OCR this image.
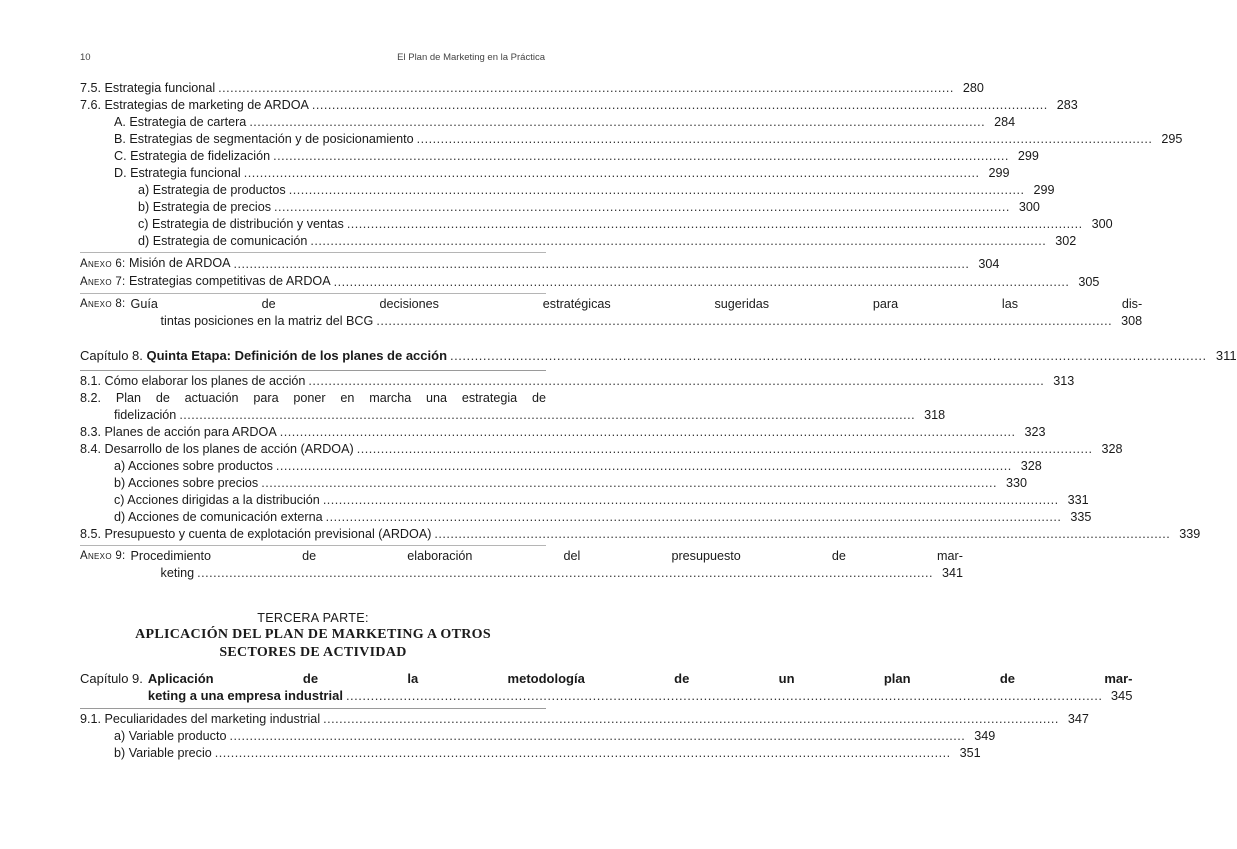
10	El Plan de Marketing en la Práctica
7.5. Estrategia funcional .....	280
7.6. Estrategias de marketing de ARDOA .....	283
A. Estrategia de cartera .....	284
B. Estrategias de segmentación y de posicionamiento .....	295
C. Estrategia de fidelización .....	299
D. Estrategia funcional .....	299
a) Estrategia de productos .....	299
b) Estrategia de precios .....	300
c) Estrategia de distribución y ventas .....	300
d) Estrategia de comunicación .....	302
Anexo 6: Misión de ARDOA .....	304
Anexo 7: Estrategias competitivas de ARDOA .....	305
Anexo 8: Guía de decisiones estratégicas sugeridas para las dis-
tintas posiciones en la matriz del BCG .....	308
Capítulo 8. Quinta Etapa: Definición de los planes de acción .....	311
8.1. Cómo elaborar los planes de acción .....	313
8.2. Plan de actuación para poner en marcha una estrategia de
fidelización .....	318
8.3. Planes de acción para ARDOA .....	323
8.4. Desarrollo de los planes de acción (ARDOA) .....	328
a) Acciones sobre productos .....	328
b) Acciones sobre precios .....	330
c) Acciones dirigidas a la distribución .....	331
d) Acciones de comunicación externa .....	335
8.5. Presupuesto y cuenta de explotación previsional (ARDOA) .....	339
Anexo 9: Procedimiento de elaboración del presupuesto de mar-
keting .....	341
TERCERA PARTE:
APLICACIÓN DEL PLAN DE MARKETING A OTROS
SECTORES DE ACTIVIDAD
Capítulo 9. Aplicación de la metodología de un plan de mar-
keting a una empresa industrial .....	345
9.1. Peculiaridades del marketing industrial .....	347
a) Variable producto .....	349
b) Variable precio .....	351
